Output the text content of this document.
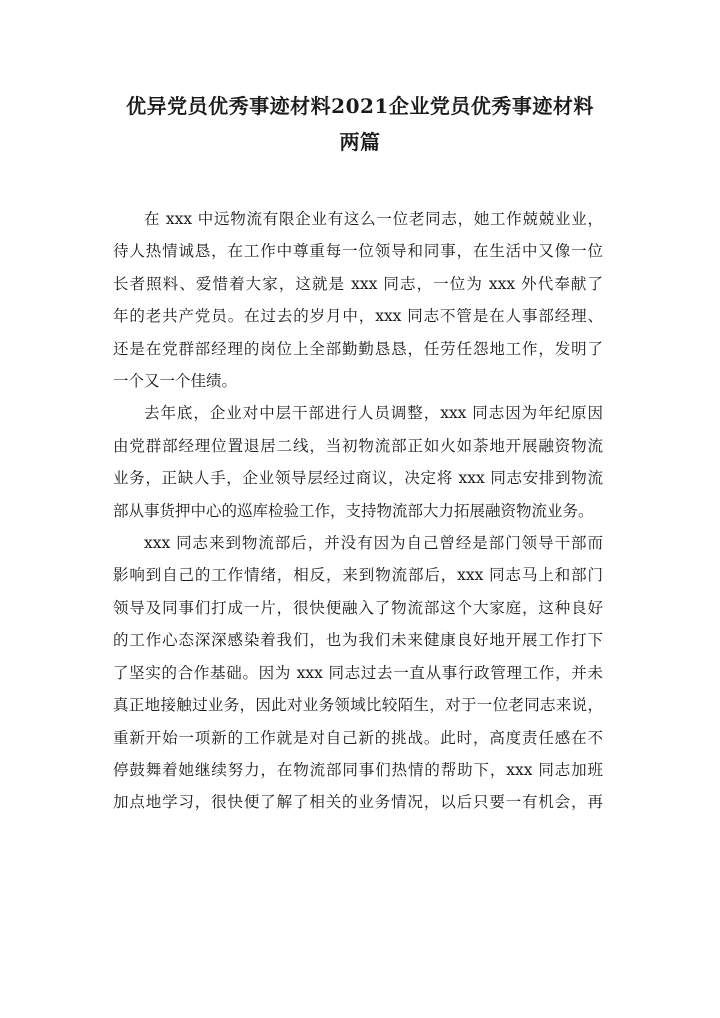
优异党员优秀事迹材料2021企业党员优秀事迹材料
两篇

在 xxx 中远物流有限企业有这么一位老同志，她工作兢兢业业，
待人热情诚恳，在工作中尊重每一位领导和同事，在生活中又像一位
长者照料、爱惜着大家，这就是 xxx 同志，一位为 xxx 外代奉献了
年的老共产党员。在过去的岁月中，xxx 同志不管是在人事部经理、
还是在党群部经理的岗位上全部勤勤恳恳，任劳任怨地工作，发明了
一个又一个佳绩。

去年底，企业对中层干部进行人员调整，xxx 同志因为年纪原因
由党群部经理位置退居二线，当初物流部正如火如荼地开展融资物流
业务，正缺人手，企业领导层经过商议，决定将 xxx 同志安排到物流
部从事货押中心的巡库检验工作，支持物流部大力拓展融资物流业务。

xxx 同志来到物流部后，并没有因为自己曾经是部门领导干部而
影响到自己的工作情绪，相反，来到物流部后，xxx 同志马上和部门
领导及同事们打成一片，很快便融入了物流部这个大家庭，这种良好
的工作心态深深感染着我们，也为我们未来健康良好地开展工作打下
了坚实的合作基础。因为 xxx 同志过去一直从事行政管理工作，并未
真正地接触过业务，因此对业务领域比较陌生，对于一位老同志来说，
重新开始一项新的工作就是对自己新的挑战。此时，高度责任感在不
停鼓舞着她继续努力，在物流部同事们热情的帮助下，xxx 同志加班
加点地学习，很快便了解了相关的业务情况，以后只要一有机会，再
